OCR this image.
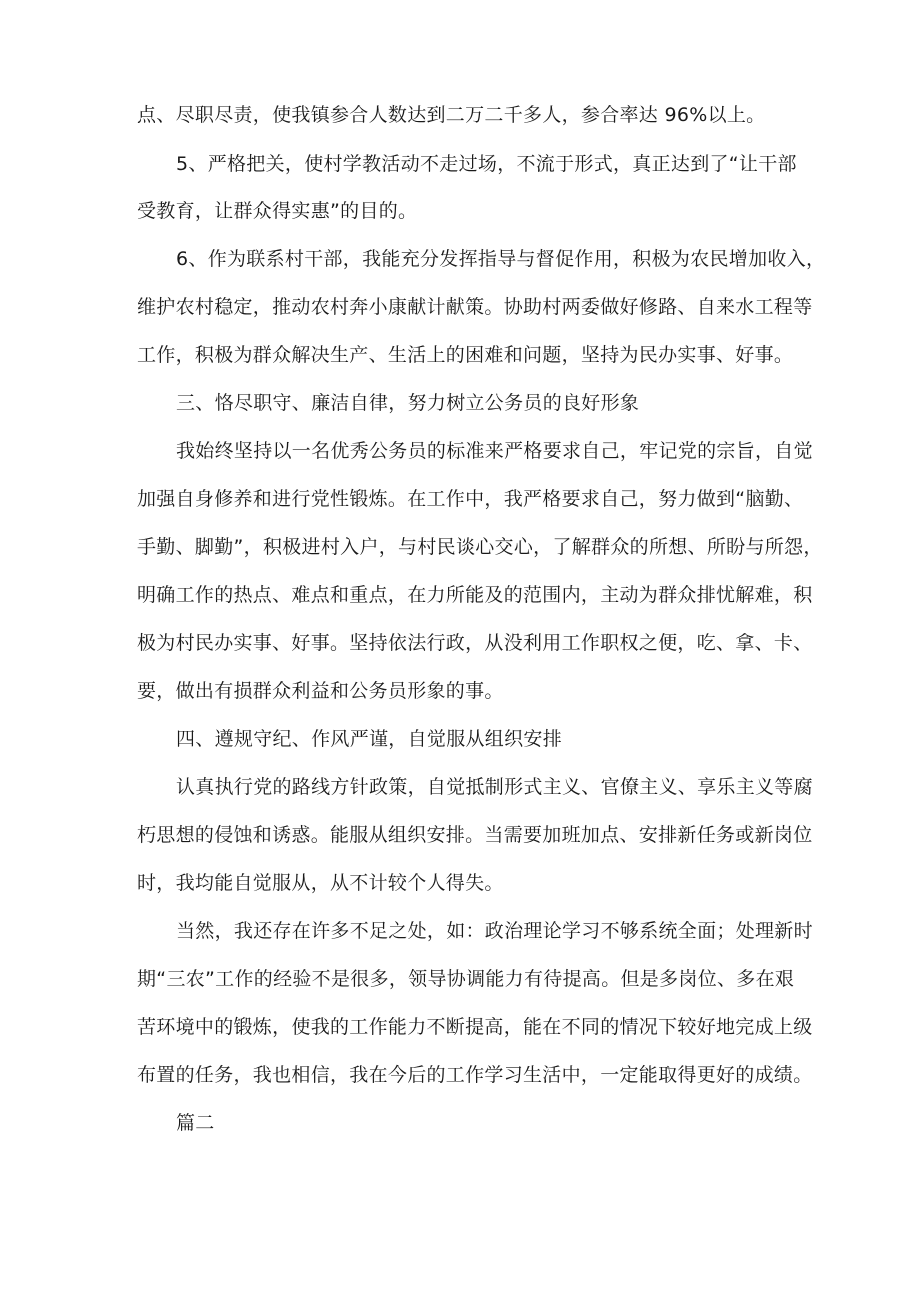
点、尽职尽责，使我镇参合人数达到二万二千多人，参合率达 96%以上。
5、严格把关，使村学教活动不走过场，不流于形式，真正达到了“让干部
受教育，让群众得实惠”的目的。
6、作为联系村干部，我能充分发挥指导与督促作用，积极为农民增加收入，
维护农村稳定，推动农村奔小康献计献策。协助村两委做好修路、自来水工程等
工作，积极为群众解决生产、生活上的困难和问题，坚持为民办实事、好事。
三、恪尽职守、廉洁自律，努力树立公务员的良好形象
我始终坚持以一名优秀公务员的标准来严格要求自己，牢记党的宗旨，自觉
加强自身修养和进行党性锻炼。在工作中，我严格要求自己，努力做到“脑勤、
手勤、脚勤”，积极进村入户，与村民谈心交心，了解群众的所想、所盼与所怨，
明确工作的热点、难点和重点，在力所能及的范围内，主动为群众排忧解难，积
极为村民办实事、好事。坚持依法行政，从没利用工作职权之便，吃、拿、卡、
要，做出有损群众利益和公务员形象的事。
四、遵规守纪、作风严谨，自觉服从组织安排
认真执行党的路线方针政策，自觉抵制形式主义、官僚主义、享乐主义等腐
朽思想的侵蚀和诱惑。能服从组织安排。当需要加班加点、安排新任务或新岗位
时，我均能自觉服从，从不计较个人得失。
当然，我还存在许多不足之处，如：政治理论学习不够系统全面；处理新时
期“三农”工作的经验不是很多，领导协调能力有待提高。但是多岗位、多在艰
苦环境中的锻炼，使我的工作能力不断提高，能在不同的情况下较好地完成上级
布置的任务，我也相信，我在今后的工作学习生活中，一定能取得更好的成绩。
篇二
